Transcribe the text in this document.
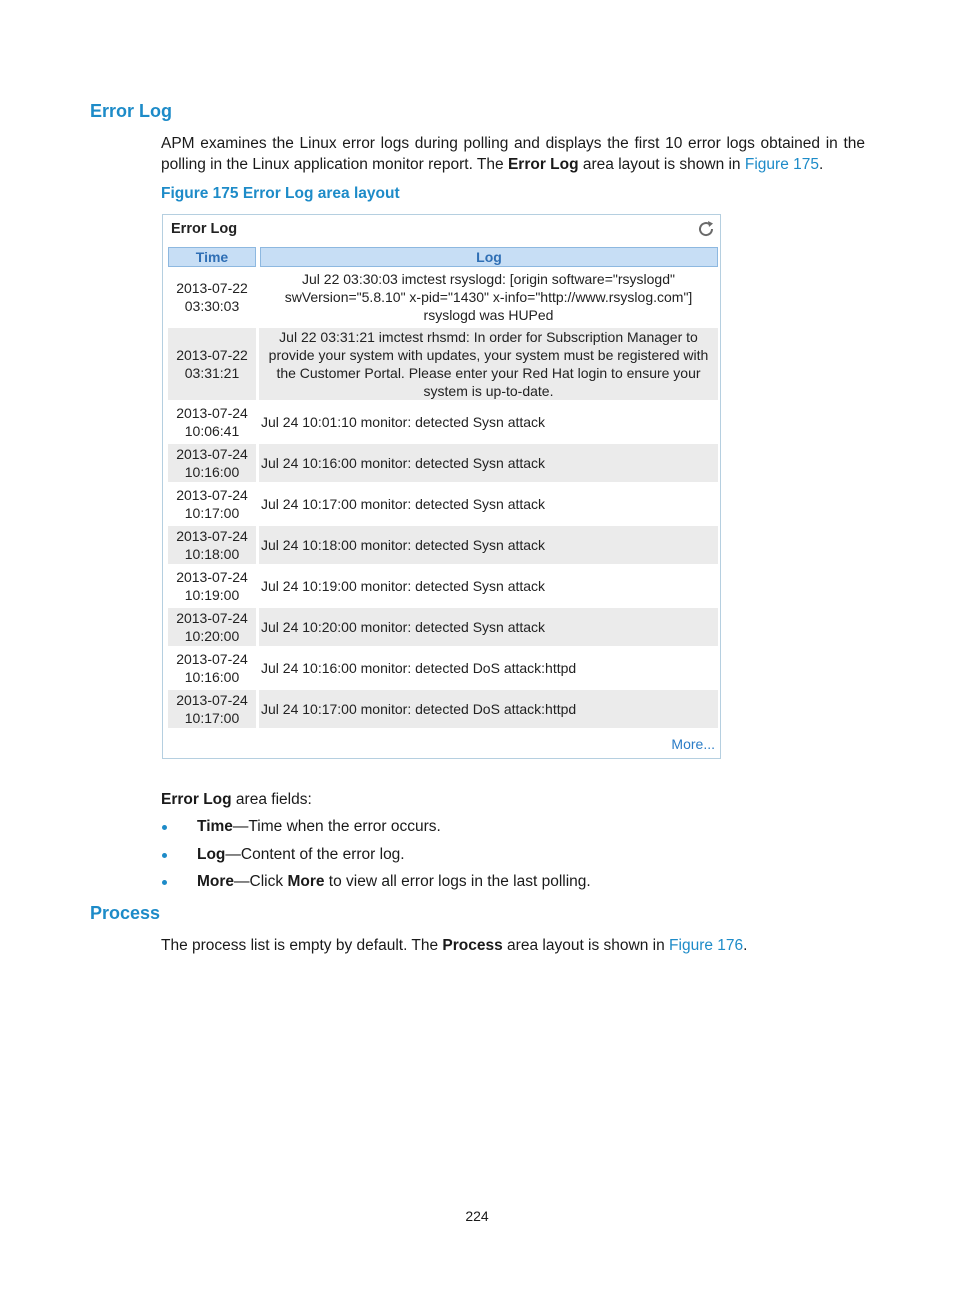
Error Log

APM examines the Linux error logs during polling and displays the first 10 error logs obtained in the polling in the Linux application monitor report. The Error Log area layout is shown in Figure 175.

Figure 175 Error Log area layout

Error Log
Time	Log
2013-07-22
03:30:03
Jul 22 03:30:03 imctest rsyslogd: [origin software="rsyslogd" swVersion="5.8.10" x-pid="1430" x-info="http://www.rsyslog.com"] rsyslogd was HUPed
2013-07-22
03:31:21
Jul 22 03:31:21 imctest rhsmd: In order for Subscription Manager to provide your system with updates, your system must be registered with the Customer Portal. Please enter your Red Hat login to ensure your system is up-to-date.
2013-07-24
10:06:41
Jul 24 10:01:10 monitor: detected Sysn attack
2013-07-24
10:16:00
Jul 24 10:16:00 monitor: detected Sysn attack
2013-07-24
10:17:00
Jul 24 10:17:00 monitor: detected Sysn attack
2013-07-24
10:18:00
Jul 24 10:18:00 monitor: detected Sysn attack
2013-07-24
10:19:00
Jul 24 10:19:00 monitor: detected Sysn attack
2013-07-24
10:20:00
Jul 24 10:20:00 monitor: detected Sysn attack
2013-07-24
10:16:00
Jul 24 10:16:00 monitor: detected DoS attack:httpd
2013-07-24
10:17:00
Jul 24 10:17:00 monitor: detected DoS attack:httpd
More...

Error Log area fields:

Time—Time when the error occurs.
Log—Content of the error log.
More—Click More to view all error logs in the last polling.
Process

The process list is empty by default. The Process area layout is shown in Figure 176.

224
